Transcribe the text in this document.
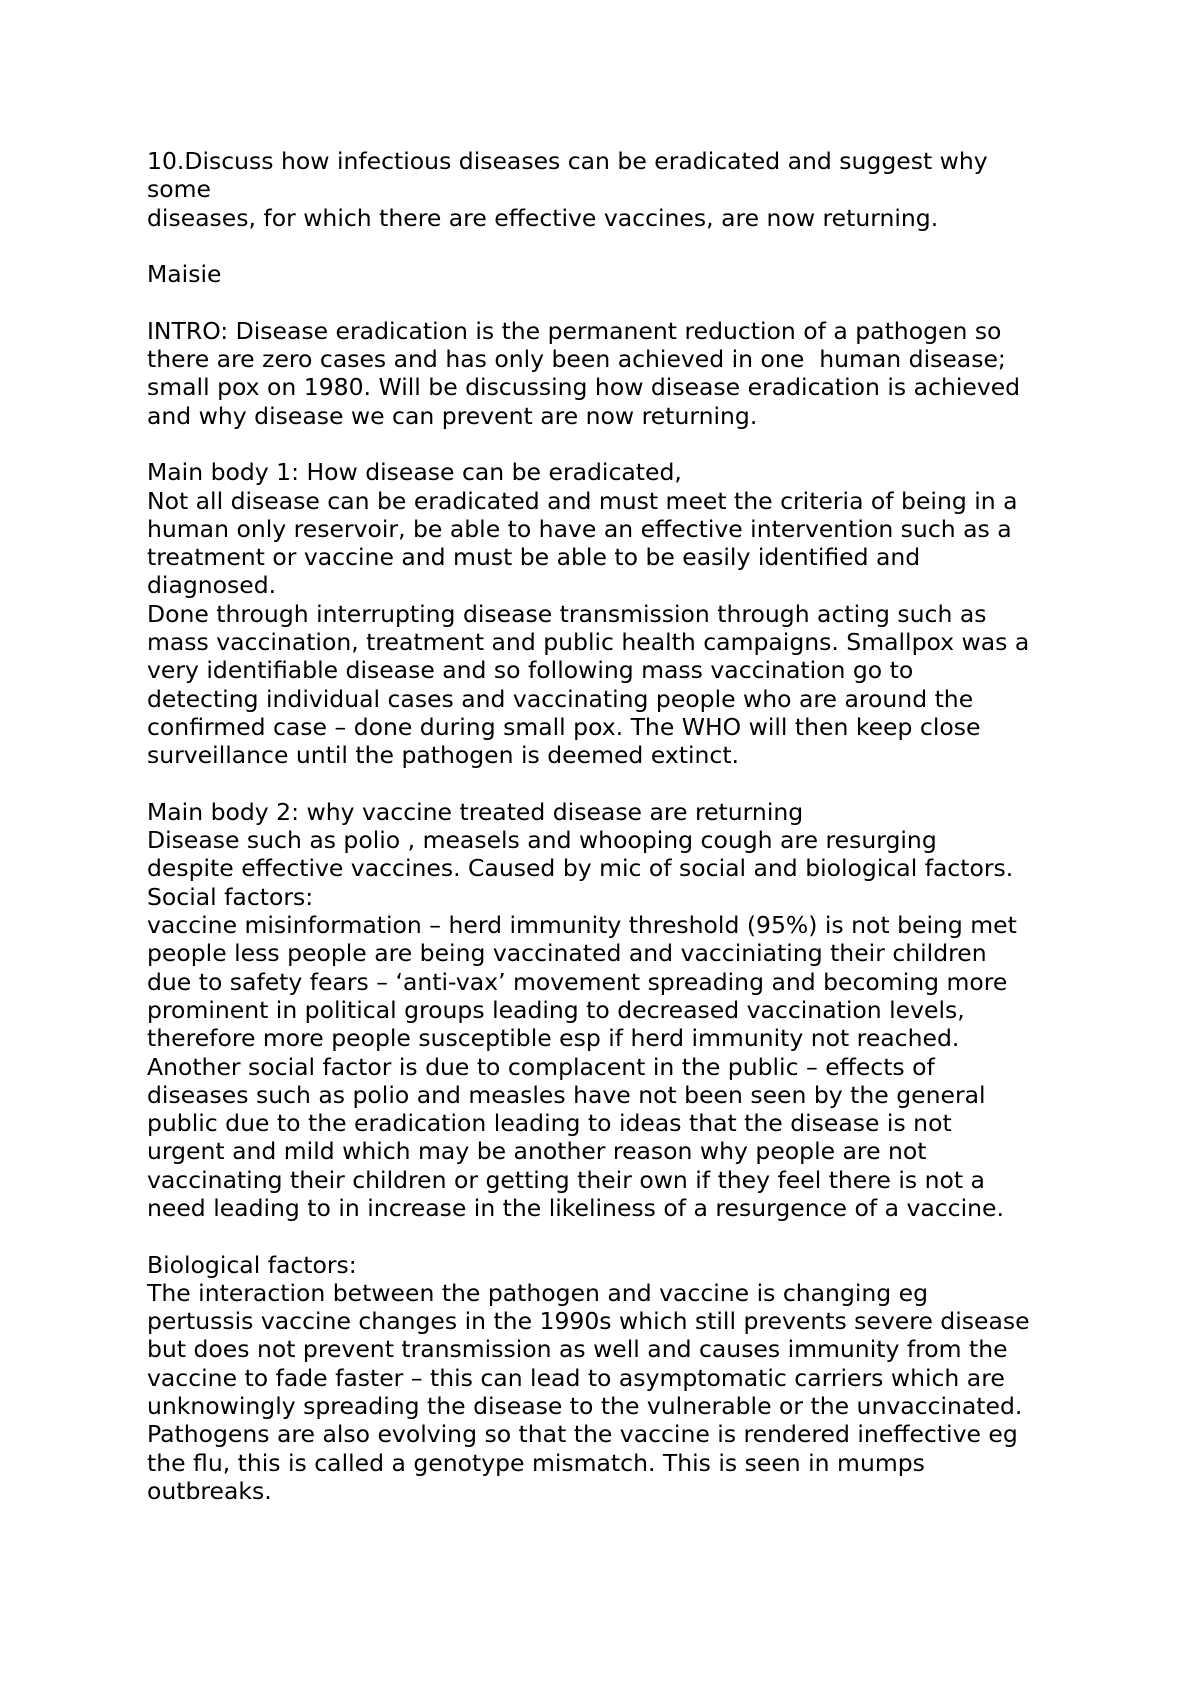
10.Discuss how infectious diseases can be eradicated and suggest why
some
diseases, for which there are effective vaccines, are now returning.
Maisie
INTRO: Disease eradication is the permanent reduction of a pathogen so
there are zero cases and has only been achieved in one  human disease;
small pox on 1980. Will be discussing how disease eradication is achieved
and why disease we can prevent are now returning.
Main body 1: How disease can be eradicated,
Not all disease can be eradicated and must meet the criteria of being in a
human only reservoir, be able to have an effective intervention such as a
treatment or vaccine and must be able to be easily identified and
diagnosed.
Done through interrupting disease transmission through acting such as
mass vaccination, treatment and public health campaigns. Smallpox was a
very identifiable disease and so following mass vaccination go to
detecting individual cases and vaccinating people who are around the
confirmed case – done during small pox. The WHO will then keep close
surveillance until the pathogen is deemed extinct.
Main body 2: why vaccine treated disease are returning
Disease such as polio , measels and whooping cough are resurging
despite effective vaccines. Caused by mic of social and biological factors.
Social factors:
vaccine misinformation – herd immunity threshold (95%) is not being met
people less people are being vaccinated and vacciniating their children
due to safety fears – ‘anti-vax’ movement spreading and becoming more
prominent in political groups leading to decreased vaccination levels,
therefore more people susceptible esp if herd immunity not reached.
Another social factor is due to complacent in the public – effects of
diseases such as polio and measles have not been seen by the general
public due to the eradication leading to ideas that the disease is not
urgent and mild which may be another reason why people are not
vaccinating their children or getting their own if they feel there is not a
need leading to in increase in the likeliness of a resurgence of a vaccine.
Biological factors:
The interaction between the pathogen and vaccine is changing eg
pertussis vaccine changes in the 1990s which still prevents severe disease
but does not prevent transmission as well and causes immunity from the
vaccine to fade faster – this can lead to asymptomatic carriers which are
unknowingly spreading the disease to the vulnerable or the unvaccinated.
Pathogens are also evolving so that the vaccine is rendered ineffective eg
the flu, this is called a genotype mismatch. This is seen in mumps
outbreaks.
